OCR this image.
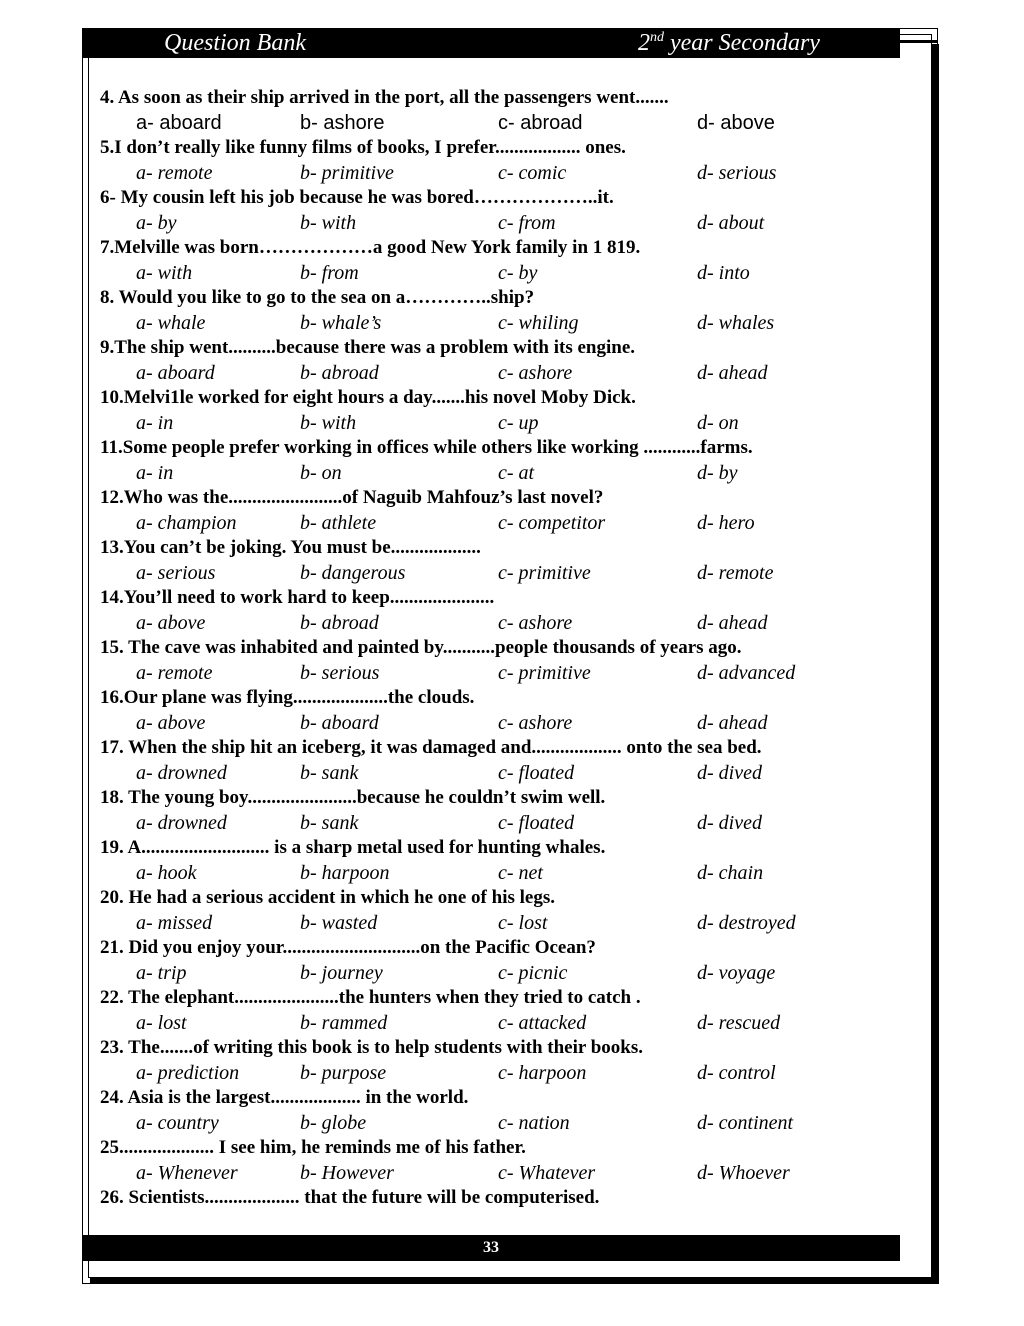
Question Bank	2nd year Secondary
4. As soon as their ship arrived in the port, all the passengers went.......
a- aboard	b- ashore	c- abroad	d- above
5.I don’t really like funny films of books, I prefer.................. ones.
a- remote	b- primitive	c- comic	d- serious
6- My cousin left his job because he was bored………………..it.
a- by	b- with	c- from	d- about
7.Melville was born………………a good New York family in 1 819.
a- with	b- from	c- by	d- into
8. Would you like to go to the sea on a…………..ship?
a- whale	b- whale’s	c- whiling	d- whales
9.The ship went..........because there was a problem with its engine.
a- aboard	b- abroad	c- ashore	d- ahead
10.Melvi1le worked for eight hours a day.......his novel Moby Dick.
a- in	b- with	c- up	d- on
11.Some people prefer working in offices while others like working ............farms.
a- in	b- on	c- at	d- by
12.Who was the........................of Naguib Mahfouz’s last novel?
a- champion	b- athlete	c- competitor	d- hero
13.You can’t be joking. You must be...................
a- serious	b- dangerous	c- primitive	d- remote
14.You’ll need to work hard to keep......................
a- above	b- abroad	c- ashore	d- ahead
15. The cave was inhabited and painted by...........people thousands of years ago.
a- remote	b- serious	c- primitive	d- advanced
16.Our plane was flying....................the clouds.
a- above	b- aboard	c- ashore	d- ahead
17. When the ship hit an iceberg, it was damaged and................... onto the sea bed.
a- drowned	b- sank	c- floated	d- dived
18. The young boy.......................because he couldn’t swim well.
a- drowned	b- sank	c- floated	d- dived
19. A........................... is a sharp metal used for hunting whales.
a- hook	b- harpoon	c- net	d- chain
20. He had a serious accident in which he one of his legs.
a- missed	b- wasted	c- lost	d- destroyed
21. Did you enjoy your.............................on the Pacific Ocean?
a- trip	b- journey	c- picnic	d- voyage
22. The elephant......................the hunters when they tried to catch .
a- lost	b- rammed	c- attacked	d- rescued
23. The.......of writing this book is to help students with their books.
a- prediction	b- purpose	c- harpoon	d- control
24. Asia is the largest................... in the world.
a- country	b- globe	c- nation	d- continent
25.................... I see him, he reminds me of his father.
a- Whenever	b- However	c- Whatever	d- Whoever
26. Scientists.................... that the future will be computerised.
33
